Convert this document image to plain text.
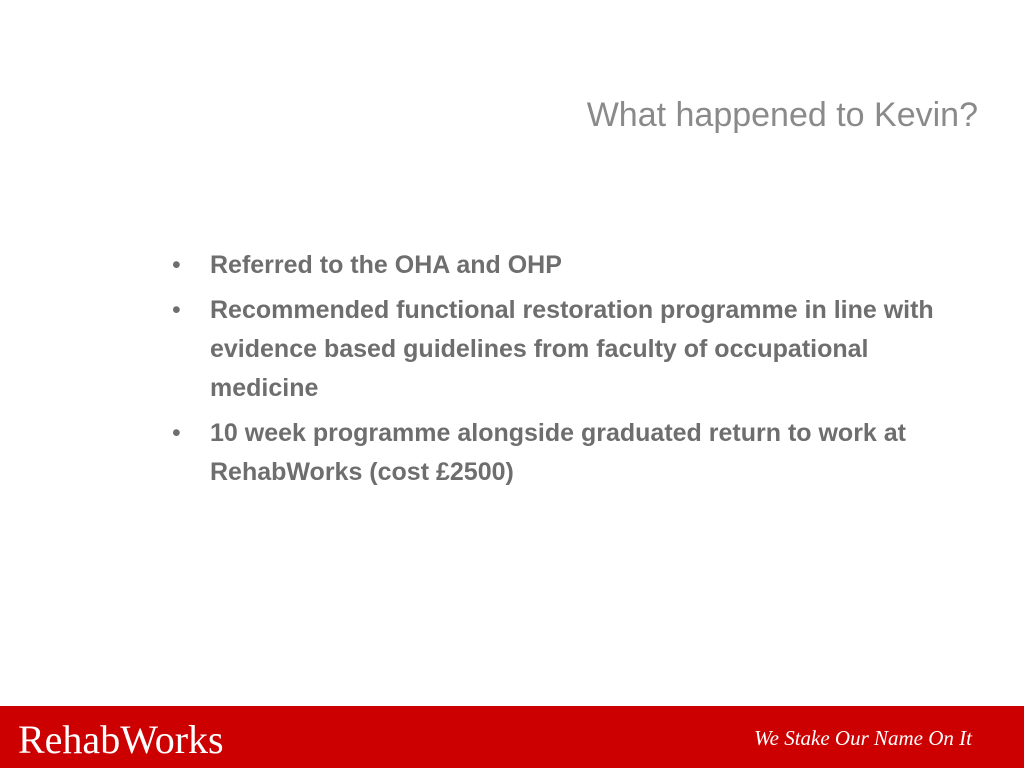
What happened to Kevin?
• Referred to the OHA and OHP
• Recommended functional restoration programme in line with evidence based guidelines from faculty of occupational medicine
• 10 week programme alongside graduated return to work at RehabWorks (cost £2500)
RehabWorks	We Stake Our Name On It
